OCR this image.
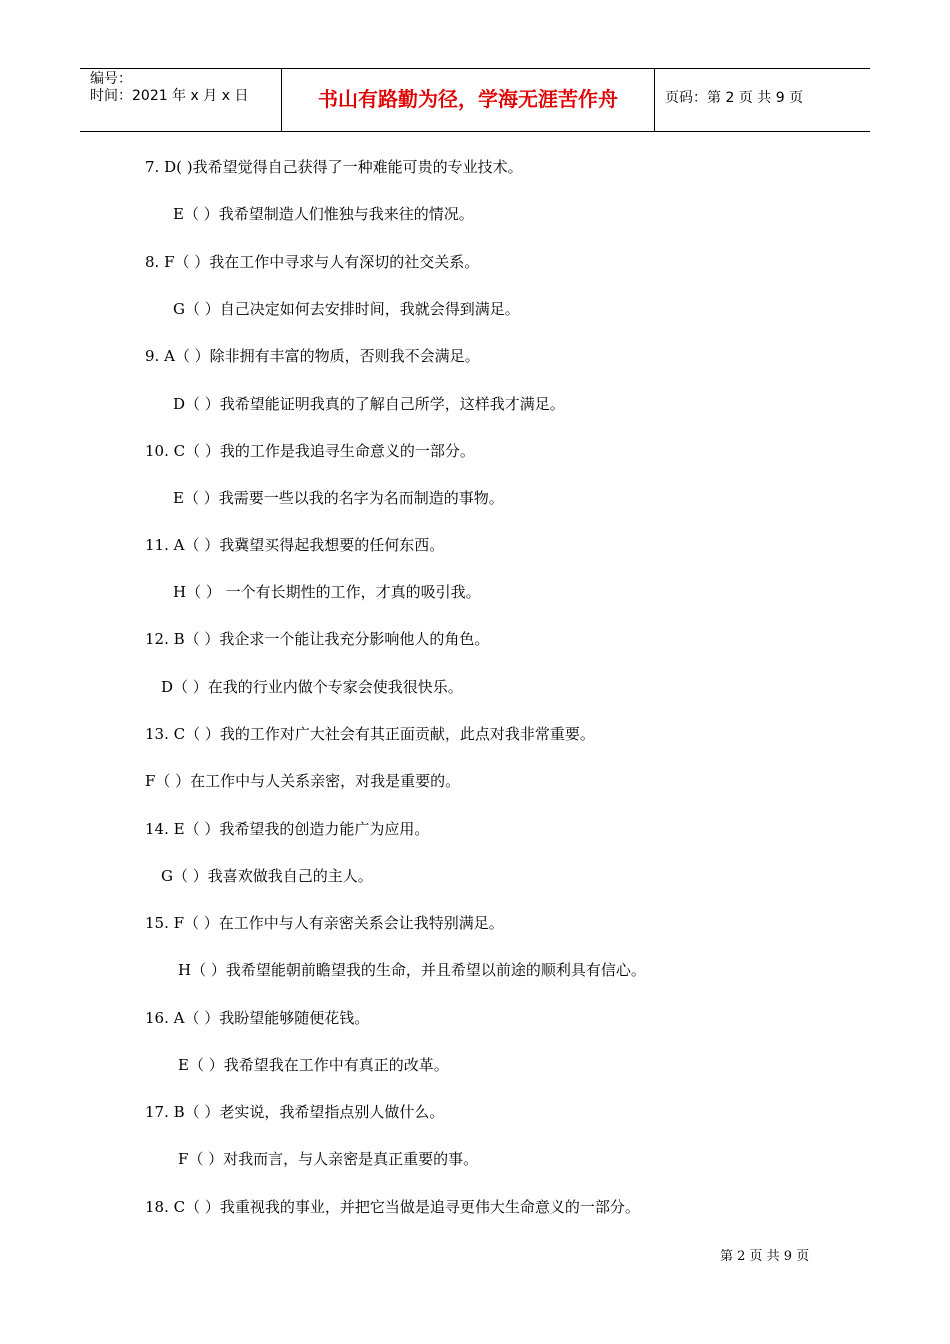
编号：
时间：2021 年 x 月 x 日	书山有路勤为径，学海无涯苦作舟	页码：第 2 页 共 9 页
7. D( )我希望觉得自己获得了一种难能可贵的专业技术。
E（ ）我希望制造人们惟独与我来往的情况。
8. F（ ）我在工作中寻求与人有深切的社交关系。
G（ ）自己决定如何去安排时间，我就会得到满足。
9. A（ ）除非拥有丰富的物质，否则我不会满足。
D（ ）我希望能证明我真的了解自己所学，这样我才满足。
10. C（ ）我的工作是我追寻生命意义的一部分。
E（ ）我需要一些以我的名字为名而制造的事物。
11. A（ ）我冀望买得起我想要的任何东西。
H（ ） 一个有长期性的工作，才真的吸引我。
12. B（ ）我企求一个能让我充分影响他人的角色。
D（ ）在我的行业内做个专家会使我很快乐。
13. C（ ）我的工作对广大社会有其正面贡献，此点对我非常重要。
F（ ）在工作中与人关系亲密，对我是重要的。
14. E（ ）我希望我的创造力能广为应用。
G（ ）我喜欢做我自己的主人。
15. F（ ）在工作中与人有亲密关系会让我特别满足。
H（ ）我希望能朝前瞻望我的生命，并且希望以前途的顺利具有信心。
16. A（ ）我盼望能够随便花钱。
E（ ）我希望我在工作中有真正的改革。
17. B（ ）老实说，我希望指点别人做什么。
F（ ）对我而言，与人亲密是真正重要的事。
18. C（ ）我重视我的事业，并把它当做是追寻更伟大生命意义的一部分。
第 2 页 共 9 页
